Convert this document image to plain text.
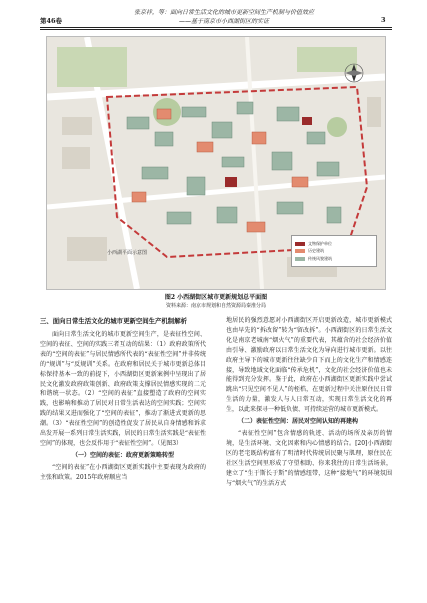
张京祥，等：面向日常生活文化的城市更新空间生产机制与价值效应
——基于南京市小西湖街区的实证
第46卷	3
小西湖平面示意图
文物保护单位
历史建筑
传统风貌建筑
图2 小西湖街区城市更新规划总平面图
资料来源：南京市规划和自然资源局秦淮分局
三、面向日常生活文化的城市更新空间生产机制解析

面向日常生活文化的城市更新空间生产，是表征性空间、空间的表征、空间的实践三者互动的结果：（1）政府政策所代表的“空间的表征”与居民情感所代表的“表征性空间”并非传统的“规训”与“反规训”关系。在政府和居民关于城市更新总体目标保持基本一致的前提下，小西湖街区更新案例中呈现出了居民文化激发政府政策创新、政府政策支撑居民情感实现的二元和谐统一状态。（2）“空间的表征”直接塑造了政府的空间实践，也影响和推动了居民对日常生活表达的空间实践；空间实践的结果又进而强化了“空间的表征”，推动了渐进式更新的思潮。（3）“表征性空间”的创造性促发了居民从自身情感和诉求出发开展一系列日常生活实践，居民的日常生活实践是“表征性空间”的体现，也会反作用于“表征性空间”。（见图3）

（一）空间的表征：政府更新策略转型

“空间的表征”在小西湖街区更新实践中主要表现为政府的主张和政策。2015年政府顺应当

地居民的强烈意愿对小西湖街区开启更新改造，城市更新模式也由早先的“拆改留”转为“留改拆”。小西湖街区的日常生活文化是南京老城南“烟火气”的重要代表，其蕴含的社会经济价值由引导、激励政府以日常生活文化为导向进行城市更新。以往政府主导下的城市更新往往缺少自下而上的文化生产和情感连接，导致地域文化面临“传承危机”，文化的社会经济价值也未能得到充分发挥。鉴于此，政府在小西湖街区更新实践中尝试跳出“只见空间不见人”的桎梏，在更新过程中关注原住民日常生活的力量，激发人与人日常互动，实现日常生活文化的再生，以此来探寻一种低负债、可持续运营的城市更新模式。

（二）表征性空间：居民对空间认知的再建构

“表征性空间”包含情感的轨迹、活动的场所及亲历的情境，是生活环境、文化因素和内心情感的结合。[20]小西湖街区的老宅既结构富有了明清时代传统居民聚与肌理，原住民在社区生活空间里形成了守望相助、你来我往的日常生活场景，建立了“生于斯长于斯”的情感纽带，这种“接地气”的环境氛围与“烟火气”的生活方式
